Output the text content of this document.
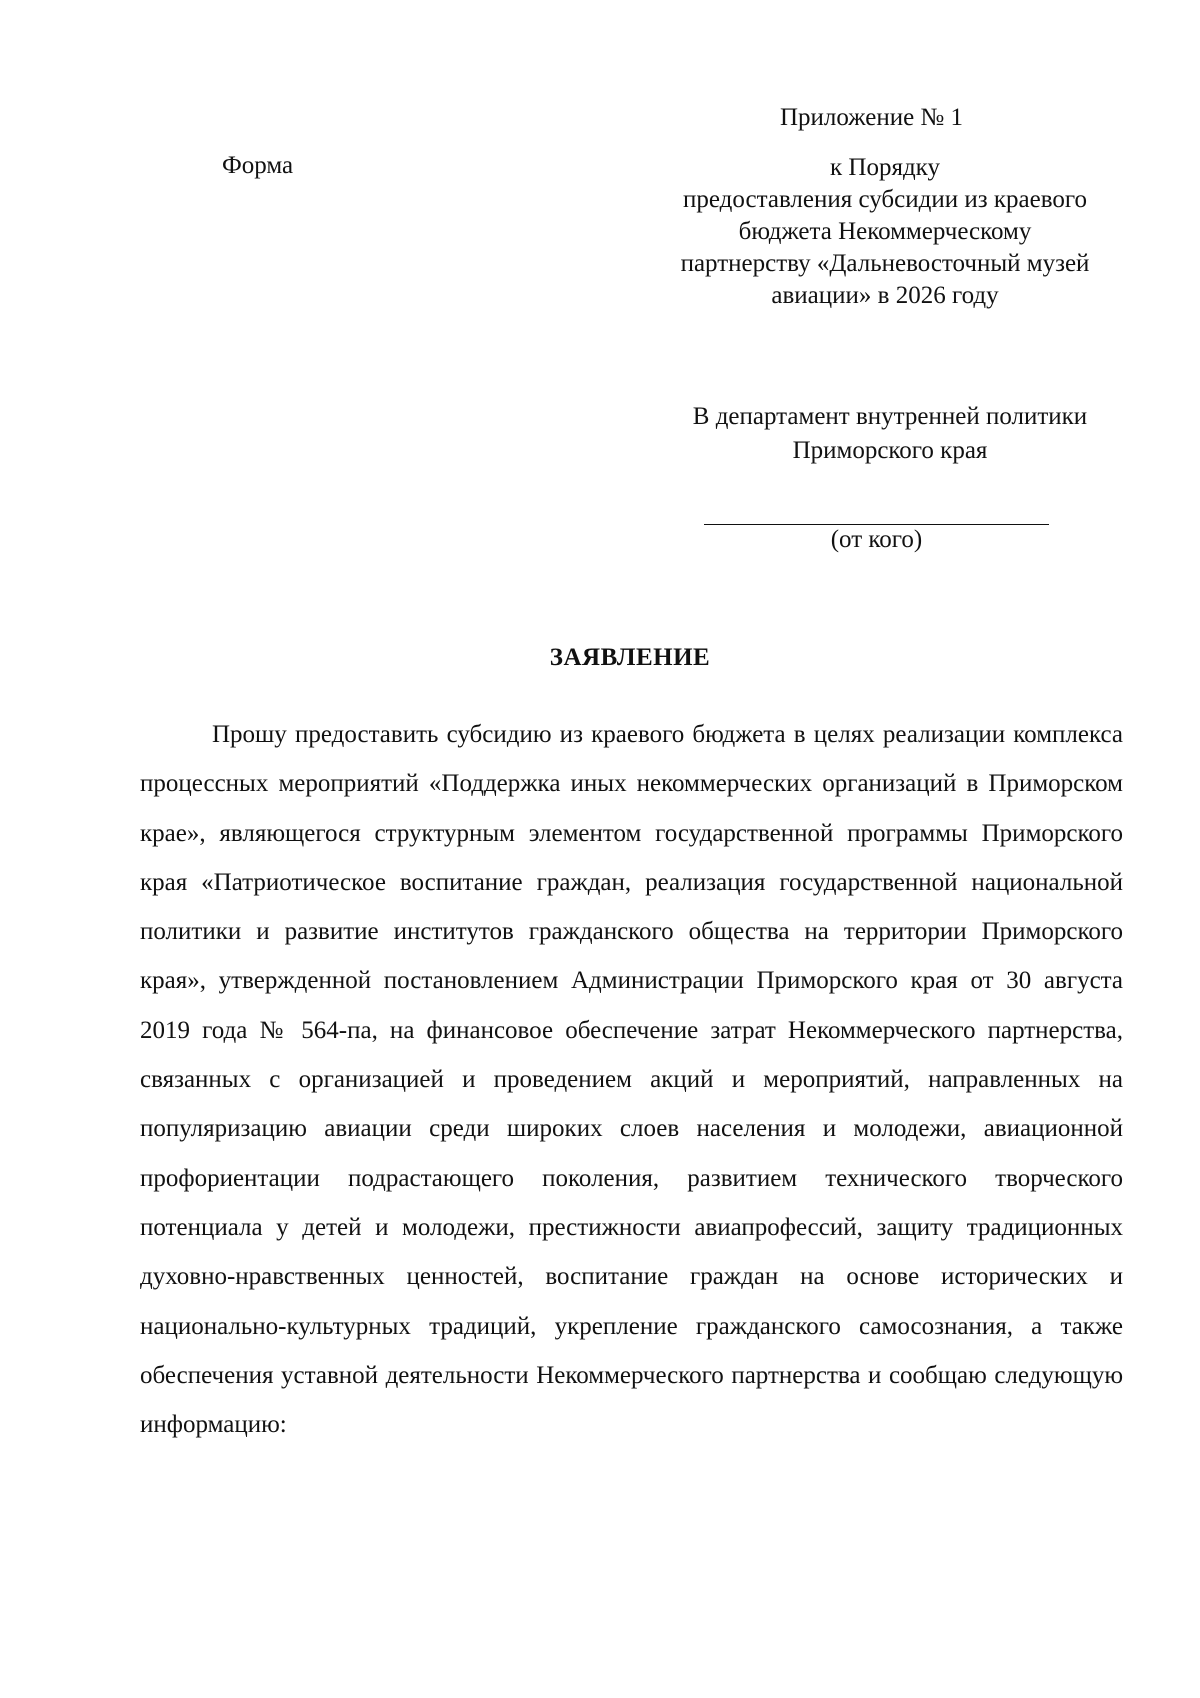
Форма
Приложение № 1
к Порядку
предоставления субсидии из краевого
бюджета Некоммерческому
партнерству «Дальневосточный музей
авиации» в 2026 году
В департамент внутренней политики
Приморского края
(от кого)
ЗАЯВЛЕНИЕ

Прошу предоставить субсидию из краевого бюджета в целях реализации комплекса процессных мероприятий «Поддержка иных некоммерческих организаций в Приморском крае», являющегося структурным элементом государственной программы Приморского края «Патриотическое воспитание граждан, реализация государственной национальной политики и развитие институтов гражданского общества на территории Приморского края», утвержденной постановлением Администрации Приморского края от 30 августа 2019 года № 564-па, на финансовое обеспечение затрат Некоммерческого партнерства, связанных с организацией и проведением акций и мероприятий, направленных на популяризацию авиации среди широких слоев населения и молодежи, авиационной профориентации подрастающего поколения, развитием технического творческого потенциала у детей и молодежи, престижности авиапрофессий, защиту традиционных духовно-нравственных ценностей, воспитание граждан на основе исторических и национально-культурных традиций, укрепление гражданского самосознания, а также обеспечения уставной деятельности Некоммерческого партнерства и сообщаю следующую информацию:
